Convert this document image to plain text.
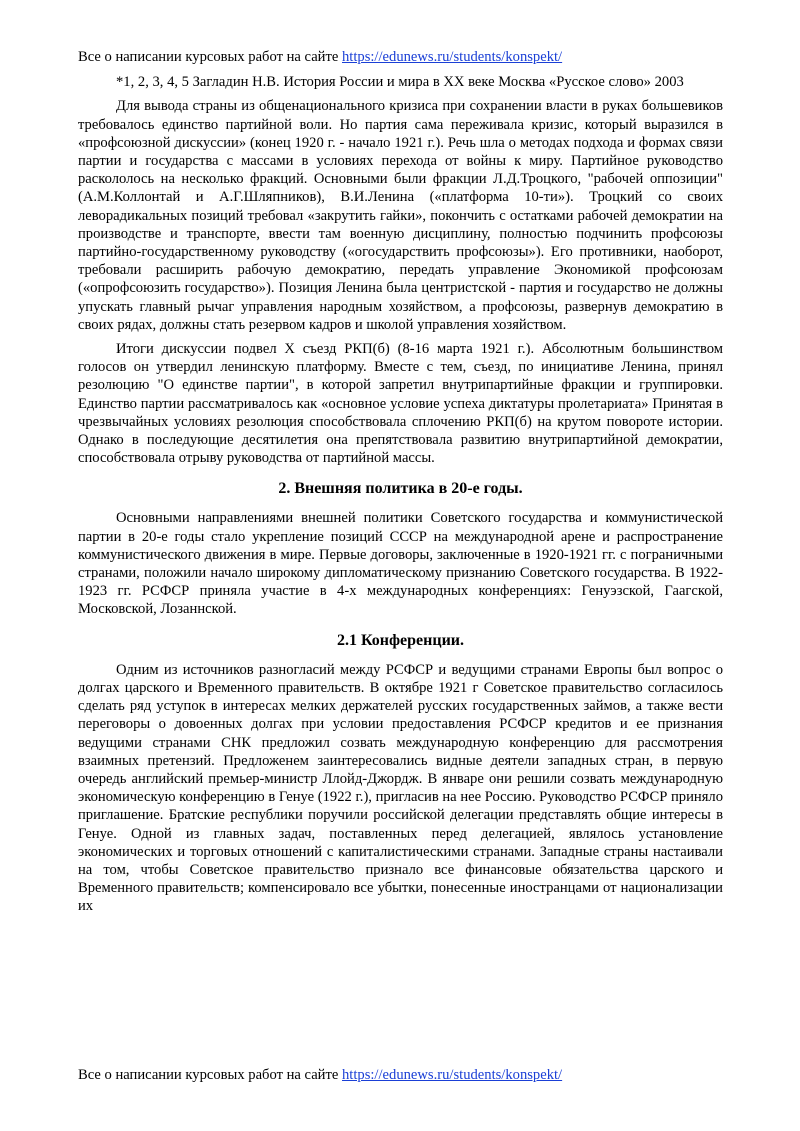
Все о написании курсовых работ на сайте https://edunews.ru/students/konspekt/

*1, 2, 3, 4, 5 Загладин Н.В. История России и мира в XX веке Москва «Русское слово» 2003

Для вывода страны из общенационального кризиса при сохранении власти в руках большевиков требовалось единство партийной воли. Но партия сама переживала кризис, который выразился в «профсоюзной дискуссии» (конец 1920 г. - начало 1921 г.). Речь шла о методах подхода и формах связи партии и государства с массами в условиях перехода от войны к миру. Партийное руководство раскололось на несколько фракций. Основными были фракции Л.Д.Троцкого, "рабочей оппозиции" (А.М.Коллонтай и А.Г.Шляпников), В.И.Ленина («платформа 10-ти»). Троцкий со своих леворадикальных позиций требовал «закрутить гайки», покончить с остатками рабочей демократии на производстве и транспорте, ввести там военную дисциплину, полностью подчинить профсоюзы партийно-государственному руководству («огосударствить профсоюзы»). Его противники, наоборот, требовали расширить рабочую демократию, передать управление Экономикой профсоюзам («опрофсоюзить государство»). Позиция Ленина была центристской - партия и государство не должны упускать главный рычаг управления народным хозяйством, а профсоюзы, развернув демократию в своих рядах, должны стать резервом кадров и школой управления хозяйством.

Итоги дискуссии подвел X съезд РКП(б) (8-16 марта 1921 г.). Абсолютным большинством голосов он утвердил ленинскую платформу. Вместе с тем, съезд, по инициативе Ленина, принял резолюцию "О единстве партии", в которой запретил внутрипартийные фракции и группировки. Единство партии рассматривалось как «основное условие успеха диктатуры пролетариата» Принятая в чрезвычайных условиях резолюция способствовала сплочению РКП(б) на крутом повороте истории. Однако в последующие десятилетия она препятствовала развитию внутрипартийной демократии, способствовала отрыву руководства от партийной массы.

2. Внешняя политика в 20-е годы.

Основными направлениями внешней политики Советского государства и коммунистической партии в 20-е годы стало укрепление позиций СССР на международной арене и распространение коммунистического движения в мире. Первые договоры, заключенные в 1920-1921 гг. с пограничными странами, положили начало широкому дипломатическому признанию Советского государства. В 1922-1923 гг. РСФСР приняла участие в 4-х международных конференциях: Генуэзской, Гаагской, Московской, Лозаннской.

2.1 Конференции.

Одним из источников разногласий между РСФСР и ведущими странами Европы был вопрос о долгах царского и Временного правительств. В октябре 1921 г Советское правительство согласилось сделать ряд уступок в интересах мелких держателей русских государственных займов, а также вести переговоры о довоенных долгах при условии предоставления РСФСР кредитов и ее признания ведущими странами СНК предложил созвать международную конференцию для рассмотрения взаимных претензий. Предложенем заинтересовались видные деятели западных стран, в первую очередь английский премьер-министр Ллойд-Джордж. В январе они решили созвать международную экономическую конференцию в Генуе (1922 г.), пригласив на нее Россию. Руководство РСФСР приняло приглашение. Братские республики поручили российской делегации представлять общие интересы в Генуе. Одной из главных задач, поставленных перед делегацией, являлось установление экономических и торговых отношений с капиталистическими странами. Западные страны настаивали на том, чтобы Советское правительство признало все финансовые обязательства царского и Временного правительств; компенсировало все убытки, понесенные иностранцами от национализации их

Все о написании курсовых работ на сайте https://edunews.ru/students/konspekt/
